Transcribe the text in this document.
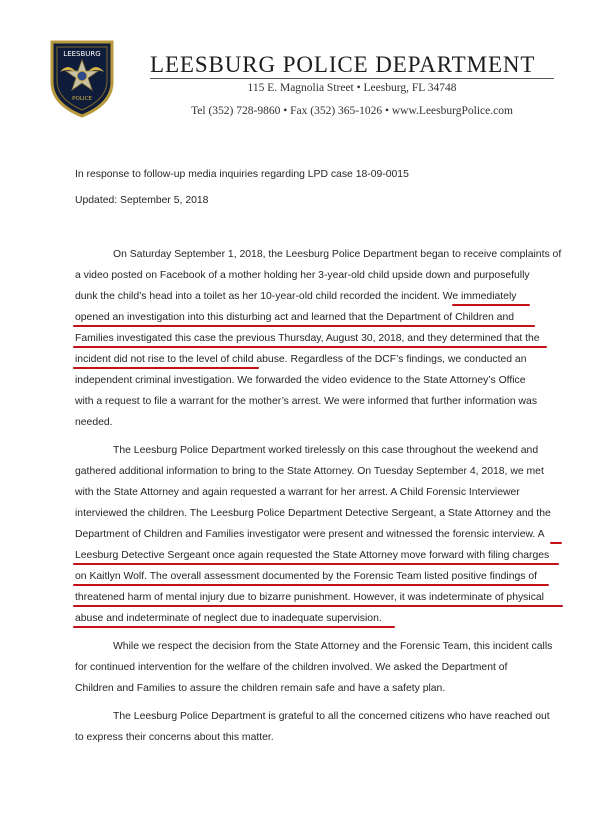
LEESBURG
POLICE
LEESBURG POLICE DEPARTMENT
115 E. Magnolia Street • Leesburg, FL 34748
Tel (352) 728-9860 • Fax (352) 365-1026 • www.LeesburgPolice.com
In response to follow-up media inquiries regarding LPD case 18-09-0015
Updated: September 5, 2018
On Saturday September 1, 2018, the Leesburg Police Department began to receive complaints of
a video posted on Facebook of a mother holding her 3-year-old child upside down and purposefully
dunk the child’s head into a toilet as her 10-year-old child recorded the incident. We immediately
opened an investigation into this disturbing act and learned that the Department of Children and
Families investigated this case the previous Thursday, August 30, 2018, and they determined that the
incident did not rise to the level of child abuse. Regardless of the DCF’s findings, we conducted an
independent criminal investigation. We forwarded the video evidence to the State Attorney’s Office
with a request to file a warrant for the mother’s arrest. We were informed that further information was
needed.
The Leesburg Police Department worked tirelessly on this case throughout the weekend and
gathered additional information to bring to the State Attorney. On Tuesday September 4, 2018, we met
with the State Attorney and again requested a warrant for her arrest. A Child Forensic Interviewer
interviewed the children. The Leesburg Police Department Detective Sergeant, a State Attorney and the
Department of Children and Families investigator were present and witnessed the forensic interview. A
Leesburg Detective Sergeant once again requested the State Attorney move forward with filing charges
on Kaitlyn Wolf. The overall assessment documented by the Forensic Team listed positive findings of
threatened harm of mental injury due to bizarre punishment. However, it was indeterminate of physical
abuse and indeterminate of neglect due to inadequate supervision.
While we respect the decision from the State Attorney and the Forensic Team, this incident calls
for continued intervention for the welfare of the children involved. We asked the Department of
Children and Families to assure the children remain safe and have a safety plan.
The Leesburg Police Department is grateful to all the concerned citizens who have reached out
to express their concerns about this matter.
